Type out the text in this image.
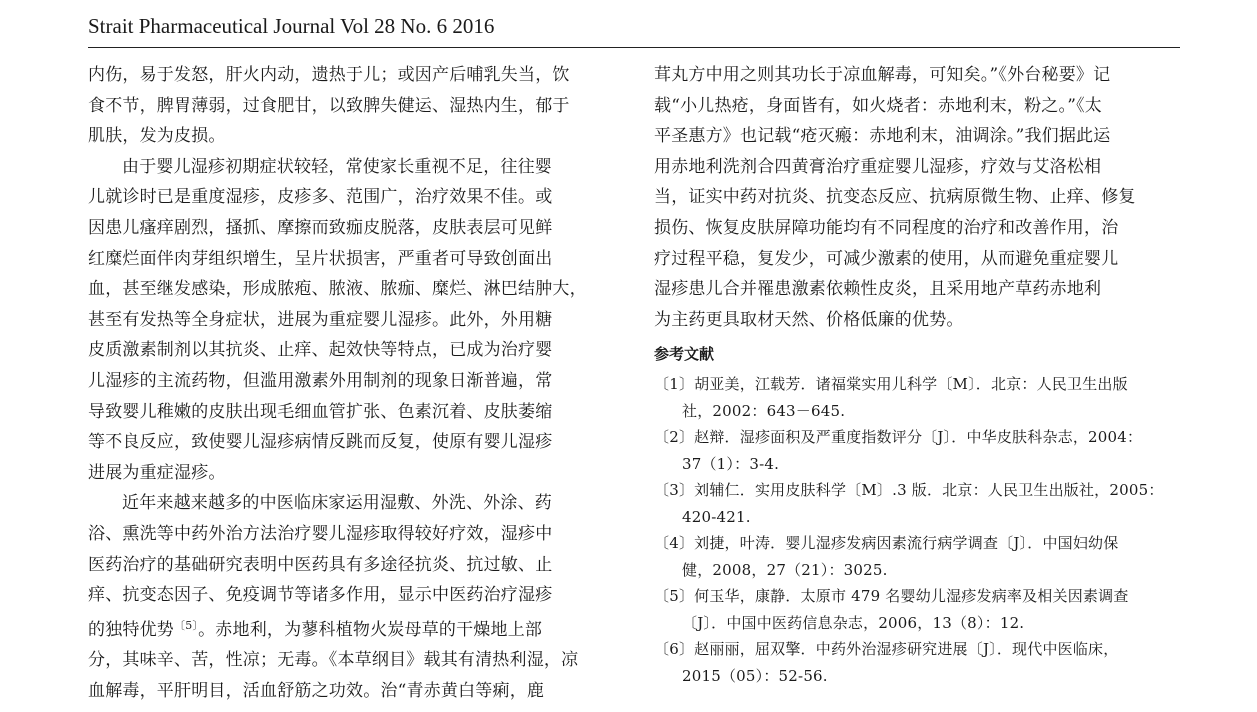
Strait Pharmaceutical Journal Vol 28 No. 6 2016

内伤，易于发怒，肝火内动，遗热于儿；或因产后哺乳失当，饮

食不节，脾胃薄弱，过食肥甘，以致脾失健运、湿热内生，郁于

肌肤，发为皮损。

由于婴儿湿疹初期症状较轻，常使家长重视不足，往往婴

儿就诊时已是重度湿疹，皮疹多、范围广，治疗效果不佳。或

因患儿瘙痒剧烈，搔抓、摩擦而致痂皮脱落，皮肤表层可见鲜

红糜烂面伴肉芽组织增生，呈片状损害，严重者可导致创面出

血，甚至继发感染，形成脓疱、脓液、脓痂、糜烂、淋巴结肿大，

甚至有发热等全身症状，进展为重症婴儿湿疹。此外，外用糖

皮质激素制剂以其抗炎、止痒、起效快等特点，已成为治疗婴

儿湿疹的主流药物，但滥用激素外用制剂的现象日渐普遍，常

导致婴儿稚嫩的皮肤出现毛细血管扩张、色素沉着、皮肤萎缩

等不良反应，致使婴儿湿疹病情反跳而反复，使原有婴儿湿疹

进展为重症湿疹。

近年来越来越多的中医临床家运用湿敷、外洗、外涂、药

浴、熏洗等中药外治方法治疗婴儿湿疹取得较好疗效，湿疹中

医药治疗的基础研究表明中医药具有多途径抗炎、抗过敏、止

痒、抗变态因子、免疫调节等诸多作用，显示中医药治疗湿疹

的独特优势$^{〔5〕}$。赤地利，为蓼科植物火炭母草的干燥地上部

分，其味辛、苦，性凉；无毒。《本草纲目》载其有清热利湿，凉

血解毒，平肝明目，活血舒筋之功效。治“青赤黄白等痢，鹿

茸丸方中用之则其功长于凉血解毒，可知矣。”《外台秘要》记

载“小儿热疮，身面皆有，如火烧者：赤地利末，粉之。”《太

平圣惠方》也记载“疮灭瘢：赤地利末，油调涂。”我们据此运

用赤地利洗剂合四黄膏治疗重症婴儿湿疹，疗效与艾洛松相

当，证实中药对抗炎、抗变态反应、抗病原微生物、止痒、修复

损伤、恢复皮肤屏障功能均有不同程度的治疗和改善作用，治

疗过程平稳，复发少，可减少激素的使用，从而避免重症婴儿

湿疹患儿合并罹患激素依赖性皮炎，且采用地产草药赤地利

为主药更具取材天然、价格低廉的优势。

参考文献
〔1〕胡亚美，江载芳．诸福棠实用儿科学〔M〕．北京：人民卫生出版
社，2002：643－645.
〔2〕赵辩．湿疹面积及严重度指数评分〔J〕．中华皮肤科杂志，2004：
37（1）：3-4.
〔3〕刘辅仁．实用皮肤科学〔M〕.3 版．北京：人民卫生出版社，2005：
420-421.
〔4〕刘捷，叶涛．婴儿湿疹发病因素流行病学调查〔J〕．中国妇幼保
健，2008，27（21）：3025.
〔5〕何玉华，康静．太原市 479 名婴幼儿湿疹发病率及相关因素调查
〔J〕．中国中医药信息杂志，2006，13（8）：12.
〔6〕赵丽丽，屈双擎．中药外治湿疹研究进展〔J〕．现代中医临床，
2015（05）：52-56.
